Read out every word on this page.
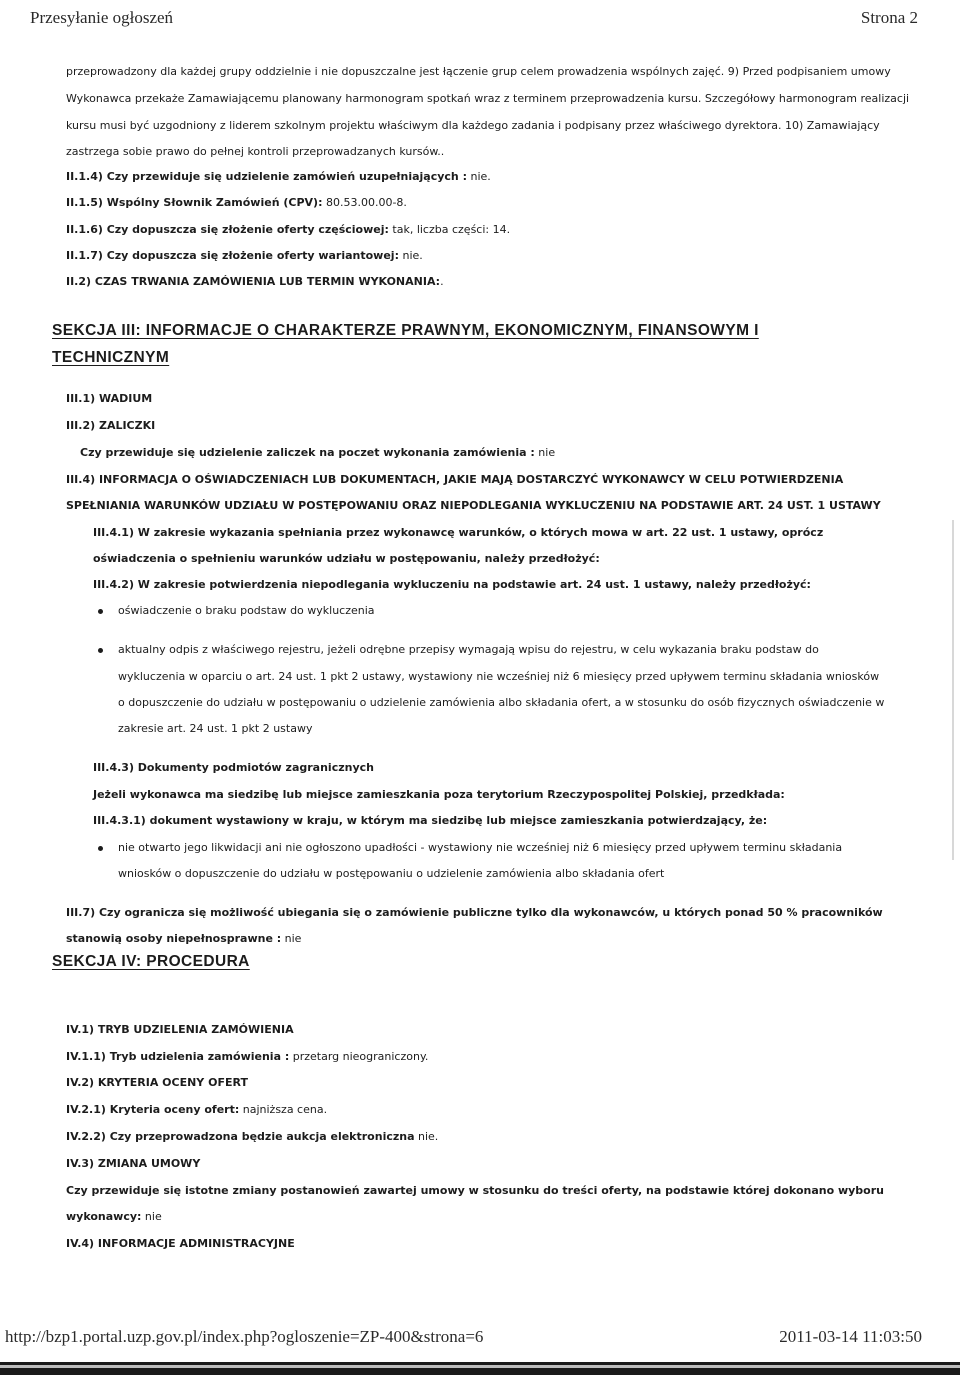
Przesyłanie ogłoszeń	Strona 2
przeprowadzony dla każdej grupy oddzielnie i nie dopuszczalne jest łączenie grup celem prowadzenia wspólnych zajęć. 9) Przed podpisaniem umowy
Wykonawca przekaże Zamawiającemu planowany harmonogram spotkań wraz z terminem przeprowadzenia kursu. Szczegółowy harmonogram realizacji
kursu musi być uzgodniony z liderem szkolnym projektu właściwym dla każdego zadania i podpisany przez właściwego dyrektora. 10) Zamawiający
zastrzega sobie prawo do pełnej kontroli przeprowadzanych kursów..
II.1.4) Czy przewiduje się udzielenie zamówień uzupełniających : nie.
II.1.5) Wspólny Słownik Zamówień (CPV): 80.53.00.00-8.
II.1.6) Czy dopuszcza się złożenie oferty częściowej: tak, liczba części: 14.
II.1.7) Czy dopuszcza się złożenie oferty wariantowej: nie.
II.2) CZAS TRWANIA ZAMÓWIENIA LUB TERMIN WYKONANIA:.
SEKCJA III: INFORMACJE O CHARAKTERZE PRAWNYM, EKONOMICZNYM, FINANSOWYM I
TECHNICZNYM
III.1) WADIUM
III.2) ZALICZKI
Czy przewiduje się udzielenie zaliczek na poczet wykonania zamówienia : nie
III.4) INFORMACJA O OŚWIADCZENIACH LUB DOKUMENTACH, JAKIE MAJĄ DOSTARCZYĆ WYKONAWCY W CELU POTWIERDZENIA
SPEŁNIANIA WARUNKÓW UDZIAŁU W POSTĘPOWANIU ORAZ NIEPODLEGANIA WYKLUCZENIU NA PODSTAWIE ART. 24 UST. 1 USTAWY
III.4.1) W zakresie wykazania spełniania przez wykonawcę warunków, o których mowa w art. 22 ust. 1 ustawy, oprócz
oświadczenia o spełnieniu warunków udziału w postępowaniu, należy przedłożyć:
III.4.2) W zakresie potwierdzenia niepodlegania wykluczeniu na podstawie art. 24 ust. 1 ustawy, należy przedłożyć:
oświadczenie o braku podstaw do wykluczenia
aktualny odpis z właściwego rejestru, jeżeli odrębne przepisy wymagają wpisu do rejestru, w celu wykazania braku podstaw do
wykluczenia w oparciu o art. 24 ust. 1 pkt 2 ustawy, wystawiony nie wcześniej niż 6 miesięcy przed upływem terminu składania wniosków
o dopuszczenie do udziału w postępowaniu o udzielenie zamówienia albo składania ofert, a w stosunku do osób fizycznych oświadczenie w
zakresie art. 24 ust. 1 pkt 2 ustawy
III.4.3) Dokumenty podmiotów zagranicznych
Jeżeli wykonawca ma siedzibę lub miejsce zamieszkania poza terytorium Rzeczypospolitej Polskiej, przedkłada:
III.4.3.1) dokument wystawiony w kraju, w którym ma siedzibę lub miejsce zamieszkania potwierdzający, że:
nie otwarto jego likwidacji ani nie ogłoszono upadłości - wystawiony nie wcześniej niż 6 miesięcy przed upływem terminu składania
wniosków o dopuszczenie do udziału w postępowaniu o udzielenie zamówienia albo składania ofert
III.7) Czy ogranicza się możliwość ubiegania się o zamówienie publiczne tylko dla wykonawców, u których ponad 50 % pracowników
stanowią osoby niepełnosprawne : nie
SEKCJA IV: PROCEDURA
IV.1) TRYB UDZIELENIA ZAMÓWIENIA
IV.1.1) Tryb udzielenia zamówienia : przetarg nieograniczony.
IV.2) KRYTERIA OCENY OFERT
IV.2.1) Kryteria oceny ofert: najniższa cena.
IV.2.2) Czy przeprowadzona będzie aukcja elektroniczna nie.
IV.3) ZMIANA UMOWY
Czy przewiduje się istotne zmiany postanowień zawartej umowy w stosunku do treści oferty, na podstawie której dokonano wyboru
wykonawcy: nie
IV.4) INFORMACJE ADMINISTRACYJNE
http://bzp1.portal.uzp.gov.pl/index.php?ogloszenie=ZP-400&strona=6	2011-03-14 11:03:50
